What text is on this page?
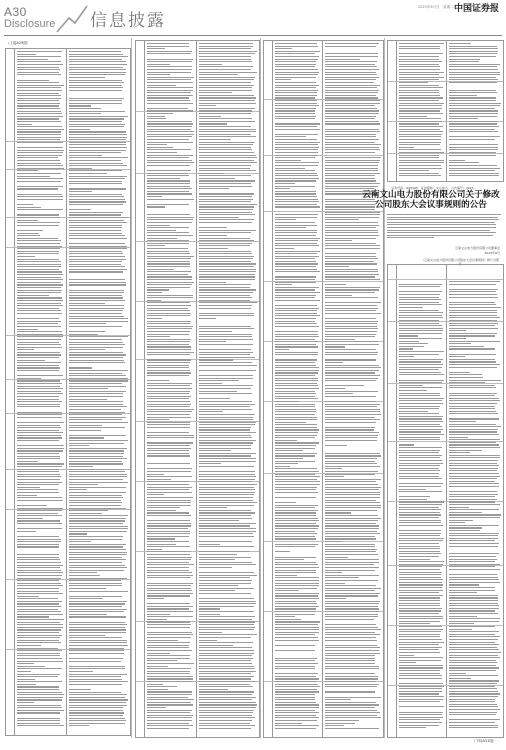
A30
Disclosure 信息披露
2023年6月日　星期二 中国证券报
（上接A29版）
证券代码：600995　证券简称：文山电力　公告编号：2023-
云南文山电力股份有限公司关于修改公司股东大会议事规则的公告
云南文山电力股份有限公司董事会
2023年6月
《云南文山电力股份有限公司股东大会议事规则》修订对照表
（下转A31版）
